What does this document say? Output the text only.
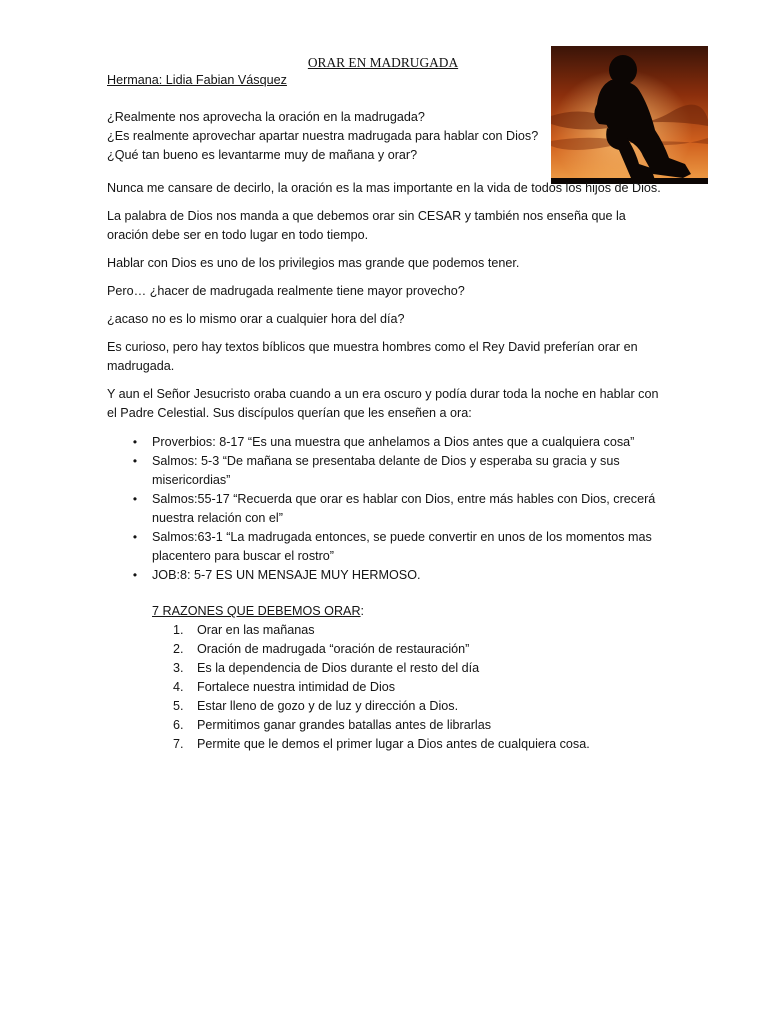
ORAR EN MADRUGADA

Hermana: Lidia Fabian Vásquez

¿Realmente nos aprovecha la oración en la madrugada?

¿Es realmente aprovechar apartar nuestra madrugada para hablar con Dios?

¿Qué tan bueno es levantarme muy de mañana y orar?

Nunca me cansare de decirlo, la oración es la mas importante en la vida de todos los hijos de Dios.

La palabra de Dios nos manda a que debemos orar sin CESAR y también nos enseña que la oración debe ser en todo lugar en todo tiempo.

Hablar con Dios es uno de los privilegios mas grande que podemos tener.

Pero… ¿hacer de madrugada realmente tiene mayor provecho?

¿acaso no es lo mismo orar a cualquier hora del día?

Es curioso, pero hay textos bíblicos que muestra hombres como el Rey David preferían orar en madrugada.

Y aun el Señor Jesucristo oraba cuando a un era oscuro y podía durar toda la noche en hablar con el Padre Celestial. Sus discípulos querían que les enseñen a ora:

• Proverbios: 8-17 “Es una muestra que anhelamos a Dios antes que a cualquiera cosa”
• Salmos: 5-3 “De mañana se presentaba delante de Dios y esperaba su gracia y sus misericordias”
• Salmos:55-17 “Recuerda que orar es hablar con Dios, entre más hables con Dios, crecerá nuestra relación con el”
• Salmos:63-1 “La madrugada entonces, se puede convertir en unos de los momentos mas placentero para buscar el rostro”
• JOB:8: 5-7 ES UN MENSAJE MUY HERMOSO.

7 RAZONES QUE DEBEMOS ORAR:

1. Orar en las mañanas
2. Oración de madrugada “oración de restauración”
3. Es la dependencia de Dios durante el resto del día
4. Fortalece nuestra intimidad de Dios
5. Estar lleno de gozo y de luz y dirección a Dios.
6. Permitimos ganar grandes batallas antes de librarlas
7. Permite que le demos el primer lugar a Dios antes de cualquiera cosa.
